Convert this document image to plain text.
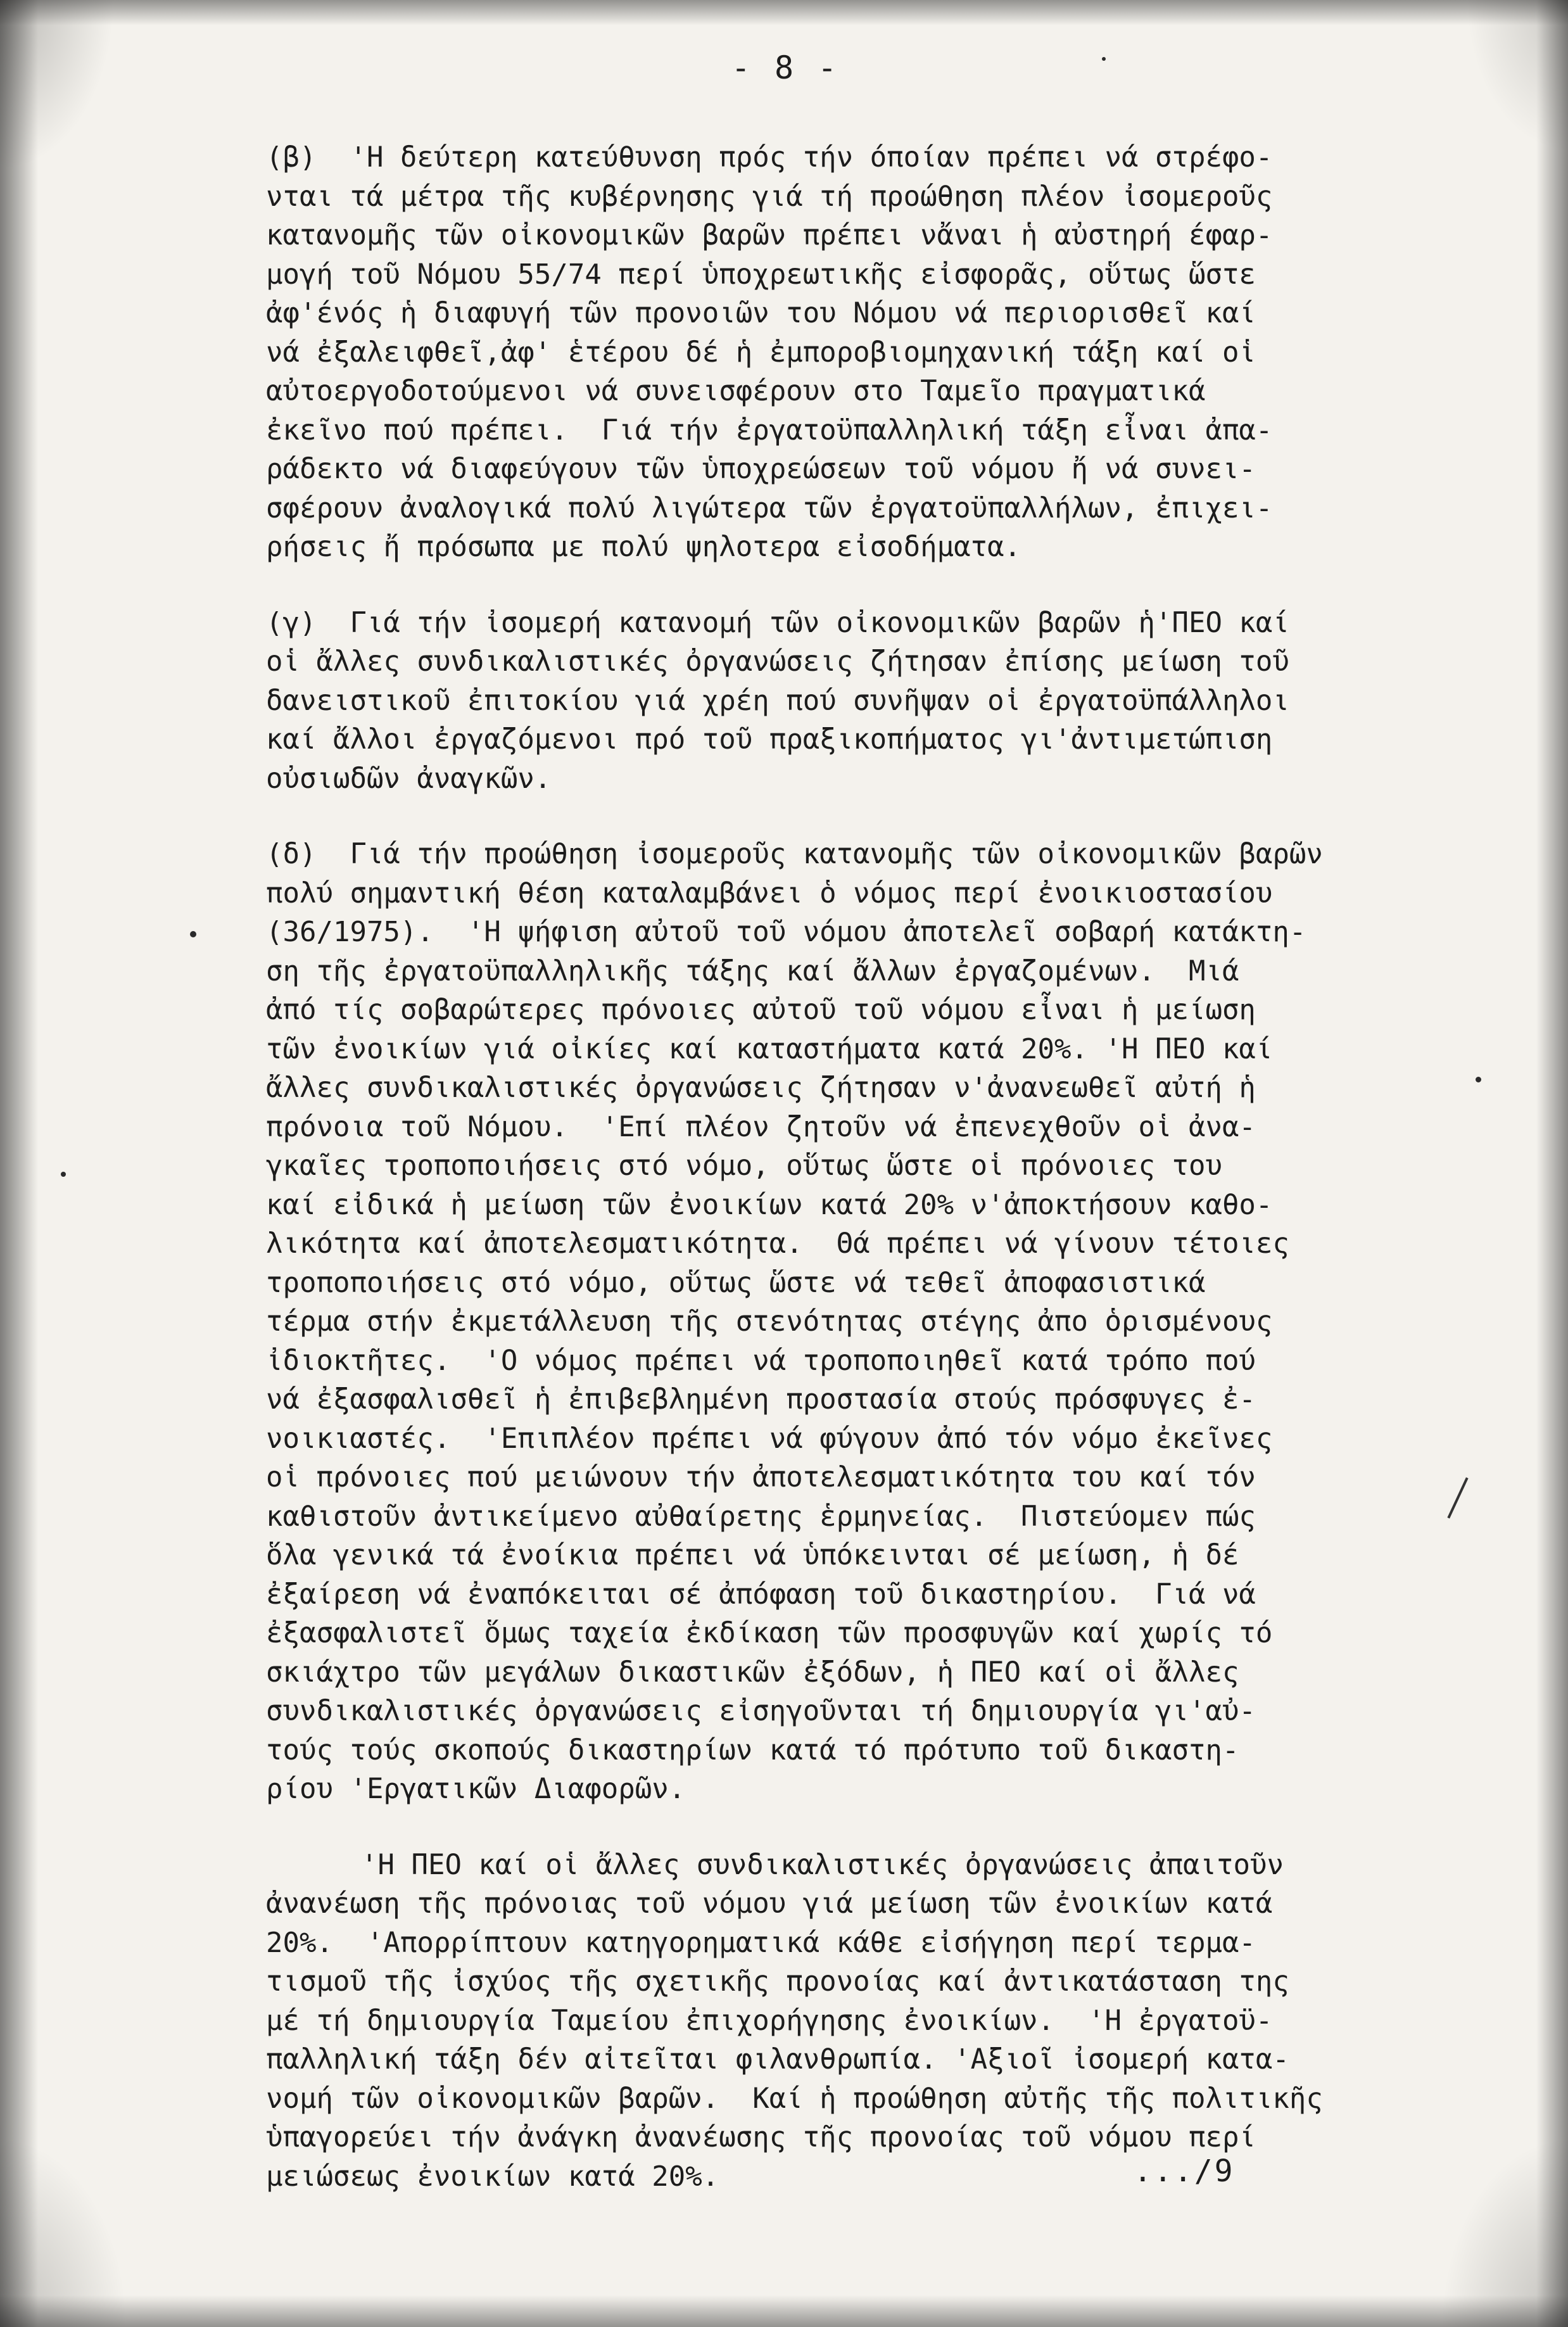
- 8 -
(β)  'Η δεύτερη κατεύθυνση πρός τήν όποίαν πρέπει νά στρέφο-
νται τά μέτρα τῆς κυβέρνησης γιά τή προώθηση πλέον ἰσομεροῦς
κατανομῆς τῶν οἰκονομικῶν βαρῶν πρέπει νἄναι ἡ αὐστηρή έφαρ-
μογή τοῦ Νόμου 55/74 περί ὑποχρεωτικῆς εἰσφορᾶς, οὕτως ὥστε
ἀφ'ένός ἡ διαφυγή τῶν προνοιῶν του Νόμου νά περιορισθεῖ καί
νά ἐξαλειφθεῖ,ἀφ' ἑτέρου δέ ἡ ἐμποροβιομηχανική τάξη καί οἱ
αὐτοεργοδοτούμενοι νά συνεισφέρουν στο Ταμεῖο πραγματικά
ἐκεῖνο πού πρέπει.  Γιά τήν ἐργατοϋπαλληλική τάξη εἶναι ἀπα-
ράδεκτο νά διαφεύγουν τῶν ὑποχρεώσεων τοῦ νόμου ἤ νά συνει-
σφέρουν ἀναλογικά πολύ λιγώτερα τῶν ἐργατοϋπαλλήλων, ἐπιχει-
ρήσεις ἤ πρόσωπα με πολύ ψηλοτερα εἰσοδήματα.
(γ)  Γιά τήν ἰσομερή κατανομή τῶν οἰκονομικῶν βαρῶν ἡ'ΠΕΟ καί
οἱ ἄλλες συνδικαλιστικές ὀργανώσεις ζήτησαν ἐπίσης μείωση τοῦ
δανειστικοῦ ἐπιτοκίου γιά χρέη πού συνῆψαν οἱ ἐργατοϋπάλληλοι
καί ἄλλοι ἐργαζόμενοι πρό τοῦ πραξικοπήματος γι'ἀντιμετώπιση
οὐσιωδῶν ἀναγκῶν.
(δ)  Γιά τήν προώθηση ἰσομεροῦς κατανομῆς τῶν οἰκονομικῶν βαρῶν
πολύ σημαντική θέση καταλαμβάνει ὁ νόμος περί ἐνοικιοστασίου
(36/1975).  'Η ψήφιση αὐτοῦ τοῦ νόμου ἀποτελεῖ σοβαρή κατάκτη-
ση τῆς ἐργατοϋπαλληλικῆς τάξης καί ἄλλων ἐργαζομένων.  Μιά
ἀπό τίς σοβαρώτερες πρόνοιες αὐτοῦ τοῦ νόμου εἶναι ἡ μείωση
τῶν ἐνοικίων γιά οἰκίες καί καταστήματα κατά 20%. 'Η ΠΕΟ καί
ἄλλες συνδικαλιστικές ὀργανώσεις ζήτησαν ν'ἀνανεωθεῖ αὐτή ἡ
πρόνοια τοῦ Νόμου.  'Επί πλέον ζητοῦν νά ἐπενεχθοῦν οἱ ἀνα-
γκαῖες τροποποιήσεις στό νόμο, οὕτως ὥστε οἱ πρόνοιες του
καί εἰδικά ἡ μείωση τῶν ἐνοικίων κατά 20% ν'ἀποκτήσουν καθο-
λικότητα καί ἀποτελεσματικότητα.  Θά πρέπει νά γίνουν τέτοιες
τροποποιήσεις στό νόμο, οὕτως ὥστε νά τεθεῖ ἀποφασιστικά
τέρμα στήν ἐκμετάλλευση τῆς στενότητας στέγης ἀπο ὁρισμένους
ἰδιοκτῆτες.  'Ο νόμος πρέπει νά τροποποιηθεῖ κατά τρόπο πού
νά ἐξασφαλισθεῖ ἡ ἐπιβεβλημένη προστασία στούς πρόσφυγες ἐ-
νοικιαστές.  'Επιπλέον πρέπει νά φύγουν ἀπό τόν νόμο ἐκεῖνες
οἱ πρόνοιες πού μειώνουν τήν ἀποτελεσματικότητα του καί τόν
καθιστοῦν ἀντικείμενο αὐθαίρετης ἑρμηνείας.  Πιστεύομεν πώς
ὅλα γενικά τά ἐνοίκια πρέπει νά ὑπόκεινται σέ μείωση, ἡ δέ
ἐξαίρεση νά ἐναπόκειται σέ ἀπόφαση τοῦ δικαστηρίου.  Γιά νά
ἐξασφαλιστεῖ ὅμως ταχεία ἐκδίκαση τῶν προσφυγῶν καί χωρίς τό
σκιάχτρο τῶν μεγάλων δικαστικῶν ἐξόδων, ἡ ΠΕΟ καί οἱ ἄλλες
συνδικαλιστικές ὀργανώσεις εἰσηγοῦνται τή δημιουργία γι'αὐ-
τούς τούς σκοπούς δικαστηρίων κατά τό πρότυπο τοῦ δικαστη-
ρίου 'Εργατικῶν Διαφορῶν.
'Η ΠΕΟ καί οἱ ἄλλες συνδικαλιστικές ὀργανώσεις ἀπαιτοῦν
ἀνανέωση τῆς πρόνοιας τοῦ νόμου γιά μείωση τῶν ἐνοικίων κατά
20%.  'Απορρίπτουν κατηγορηματικά κάθε εἰσήγηση περί τερμα-
τισμοῦ τῆς ἰσχύος τῆς σχετικῆς προνοίας καί ἀντικατάσταση της
μέ τή δημιουργία Ταμείου ἐπιχορήγησης ἐνοικίων.  'Η ἐργατοϋ-
παλληλική τάξη δέν αἰτεῖται φιλανθρωπία. 'Αξιοῖ ἰσομερή κατα-
νομή τῶν οἰκονομικῶν βαρῶν.  Καί ἡ προώθηση αὐτῆς τῆς πολιτικῆς
ὑπαγορεύει τήν ἀνάγκη ἀνανέωσης τῆς προνοίας τοῦ νόμου περί
μειώσεως ἐνοικίων κατά 20%.	...∕9
